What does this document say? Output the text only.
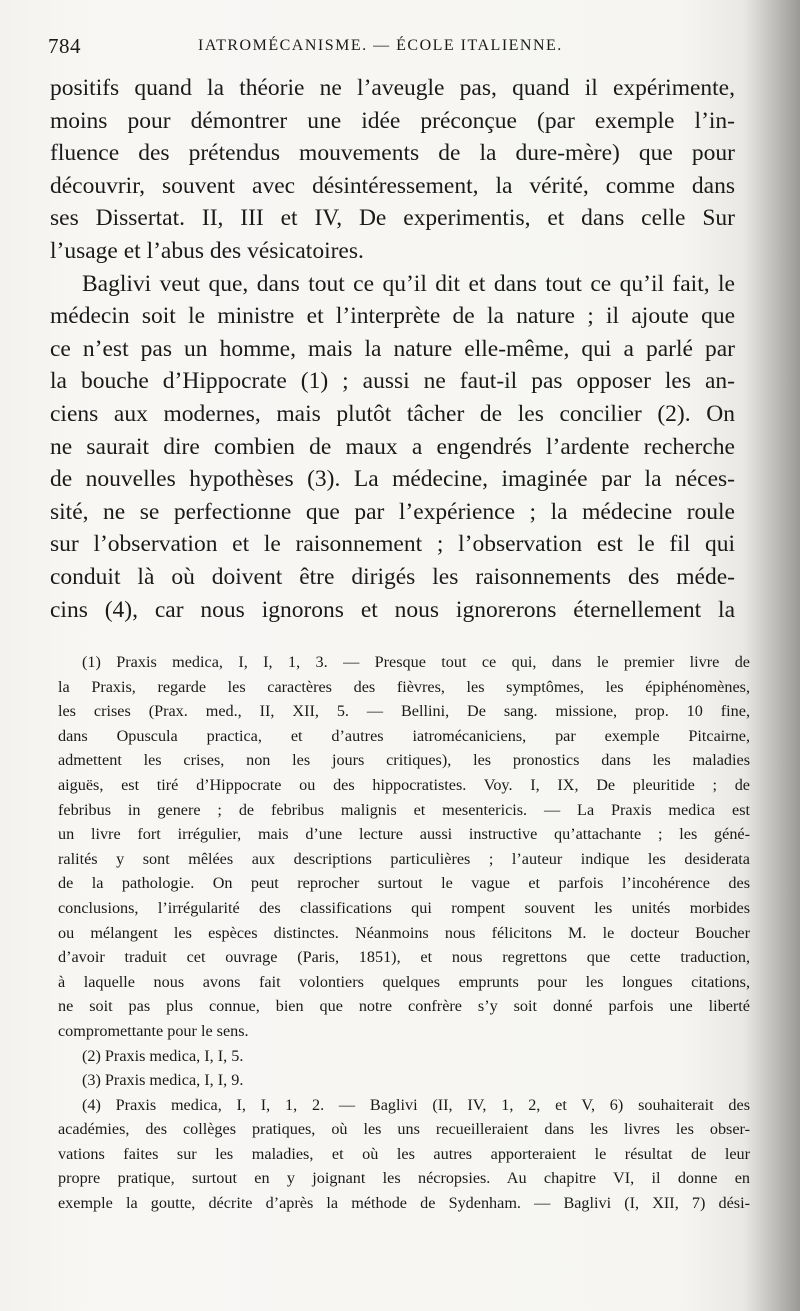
784	IATROMÉCANISME. — ÉCOLE ITALIENNE.
positifs quand la théorie ne l’aveugle pas, quand il expérimente,
moins pour démontrer une idée préconçue (par exemple l’in-
fluence des prétendus mouvements de la dure-mère) que pour
découvrir, souvent avec désintéressement, la vérité, comme dans
ses Dissertat. II, III et IV, De experimentis, et dans celle Sur
l’usage et l’abus des vésicatoires.
Baglivi veut que, dans tout ce qu’il dit et dans tout ce qu’il fait, le
médecin soit le ministre et l’interprète de la nature ; il ajoute que
ce n’est pas un homme, mais la nature elle-même, qui a parlé par
la bouche d’Hippocrate (1) ; aussi ne faut-il pas opposer les an-
ciens aux modernes, mais plutôt tâcher de les concilier (2). On
ne saurait dire combien de maux a engendrés l’ardente recherche
de nouvelles hypothèses (3). La médecine, imaginée par la néces-
sité, ne se perfectionne que par l’expérience ; la médecine roule
sur l’observation et le raisonnement ; l’observation est le fil qui
conduit là où doivent être dirigés les raisonnements des méde-
cins (4), car nous ignorons et nous ignorerons éternellement la
(1) Praxis medica, I, I, 1, 3. — Presque tout ce qui, dans le premier livre de
la Praxis, regarde les caractères des fièvres, les symptômes, les épiphénomènes,
les crises (Prax. med., II, XII, 5. — Bellini, De sang. missione, prop. 10 fine,
dans Opuscula practica, et d’autres iatromécaniciens, par exemple Pitcairne,
admettent les crises, non les jours critiques), les pronostics dans les maladies
aiguës, est tiré d’Hippocrate ou des hippocratistes. Voy. I, IX, De pleuritide ; de
febribus in genere ; de febribus malignis et mesentericis. — La Praxis medica est
un livre fort irrégulier, mais d’une lecture aussi instructive qu’attachante ; les géné-
ralités y sont mêlées aux descriptions particulières ; l’auteur indique les desiderata
de la pathologie. On peut reprocher surtout le vague et parfois l’incohérence des
conclusions, l’irrégularité des classifications qui rompent souvent les unités morbides
ou mélangent les espèces distinctes. Néanmoins nous félicitons M. le docteur Boucher
d’avoir traduit cet ouvrage (Paris, 1851), et nous regrettons que cette traduction,
à laquelle nous avons fait volontiers quelques emprunts pour les longues citations,
ne soit pas plus connue, bien que notre confrère s’y soit donné parfois une liberté
compromettante pour le sens.
(2) Praxis medica, I, I, 5.
(3) Praxis medica, I, I, 9.
(4) Praxis medica, I, I, 1, 2. — Baglivi (II, IV, 1, 2, et V, 6) souhaiterait des
académies, des collèges pratiques, où les uns recueilleraient dans les livres les obser-
vations faites sur les maladies, et où les autres apporteraient le résultat de leur
propre pratique, surtout en y joignant les nécropsies. Au chapitre VI, il donne en
exemple la goutte, décrite d’après la méthode de Sydenham. — Baglivi (I, XII, 7) dési-
